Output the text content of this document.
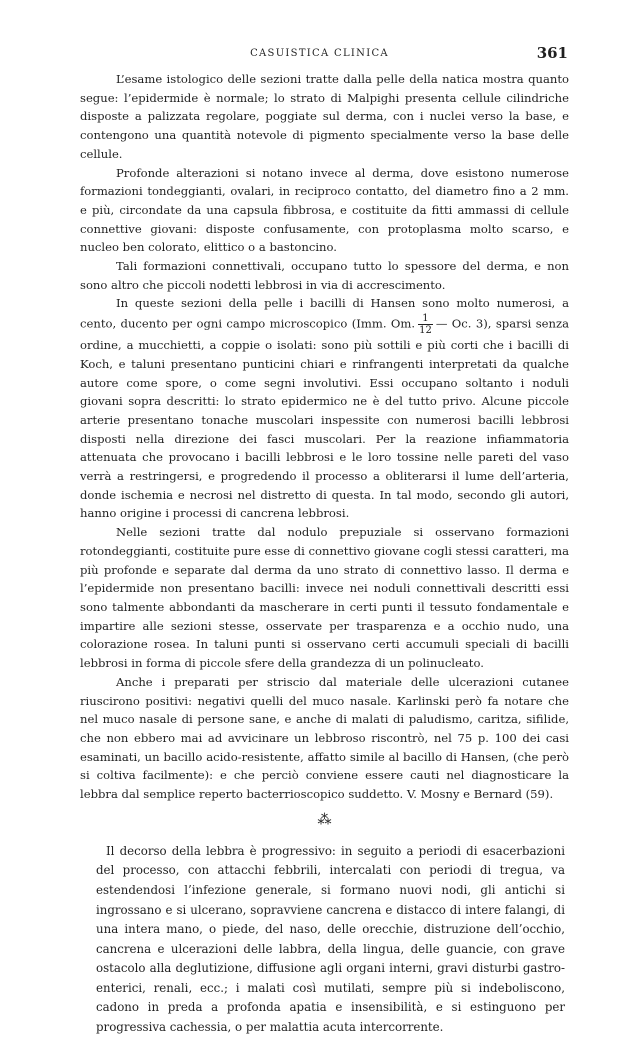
CASUISTICA CLINICA	361

L’esame istologico delle sezioni tratte dalla pelle della natica mostra quanto segue: l’epidermide è normale; lo strato di Malpighi presenta cellule cilindriche disposte a palizzata regolare, poggiate sul derma, con i nuclei verso la base, e contengono una quantità notevole di pigmento specialmente verso la base delle cellule.

Profonde alterazioni si notano invece al derma, dove esistono numerose formazioni tondeggianti, ovalari, in reciproco contatto, del diametro fino a 2 mm. e più, circondate da una capsula fibbrosa, e costituite da fitti ammassi di cellule connettive giovani: disposte confusamente, con protoplasma molto scarso, e nucleo ben colorato, elittico o a bastoncino.

Tali formazioni connettivali, occupano tutto lo spessore del derma, e non sono altro che piccoli nodetti lebbrosi in via di accrescimento.

In queste sezioni della pelle i bacilli di Hansen sono molto numerosi, a cento, ducento per ogni campo microscopico (Imm. Om. $\frac{1}{12}$ — Oc. 3), sparsi senza ordine, a mucchietti, a coppie o isolati: sono più sottili e più corti che i bacilli di Koch, e taluni presentano punticini chiari e rinfrangenti interpretati da qualche autore come spore, o come segni involutivi. Essi occupano soltanto i noduli giovani sopra descritti: lo strato epidermico ne è del tutto privo. Alcune piccole arterie presentano tonache muscolari inspessite con numerosi bacilli lebbrosi disposti nella direzione dei fasci muscolari. Per la reazione infiammatoria attenuata che provocano i bacilli lebbrosi e le loro tossine nelle pareti del vaso verrà a restringersi, e progredendo il processo a obliterarsi il lume dell’arteria, donde ischemia e necrosi nel distretto di questa. In tal modo, secondo gli autori, hanno origine i processi di cancrena lebbrosi.

Nelle sezioni tratte dal nodulo prepuziale si osservano formazioni rotondeggianti, costituite pure esse di connettivo giovane cogli stessi caratteri, ma più profonde e separate dal derma da uno strato di connettivo lasso. Il derma e l’epidermide non presentano bacilli: invece nei noduli connettivali descritti essi sono talmente abbondanti da mascherare in certi punti il tessuto fondamentale e impartire alle sezioni stesse, osservate per trasparenza e a occhio nudo, una colorazione rosea. In taluni punti si osservano certi accumuli speciali di bacilli lebbrosi in forma di piccole sfere della grandezza di un polinucleato.

Anche i preparati per striscio dal materiale delle ulcerazioni cutanee riuscirono positivi: negativi quelli del muco nasale. Karlinski però fa notare che nel muco nasale di persone sane, e anche di malati di paludismo, caritza, sifilide, che non ebbero mai ad avvicinare un lebbroso riscontrò, nel 75 p. 100 dei casi esaminati, un bacillo acido-resistente, affatto simile al bacillo di Hansen, (che però si coltiva facilmente): e che perciò conviene essere cauti nel diagnosticare la lebbra dal semplice reperto bacterrioscopico suddetto. V. Mosny e Bernard (59).

⁂

Il decorso della lebbra è progressivo: in seguito a periodi di esacerbazioni del processo, con attacchi febbrili, intercalati con periodi di tregua, va estendendosi l’infezione generale, si formano nuovi nodi, gli antichi si ingrossano e si ulcerano, sopravviene cancrena e distacco di intere falangi, di una intera mano, o piede, del naso, delle orecchie, distruzione dell’occhio, cancrena e ulcerazioni delle labbra, della lingua, delle guancie, con grave ostacolo alla deglutizione, diffusione agli organi interni, gravi disturbi gastro-enterici, renali, ecc.; i malati così mutilati, sempre più si indeboliscono, cadono in preda a profonda apatia e insensibilità, e si estinguono per progressiva cachessia, o per malattia acuta intercorrente.
